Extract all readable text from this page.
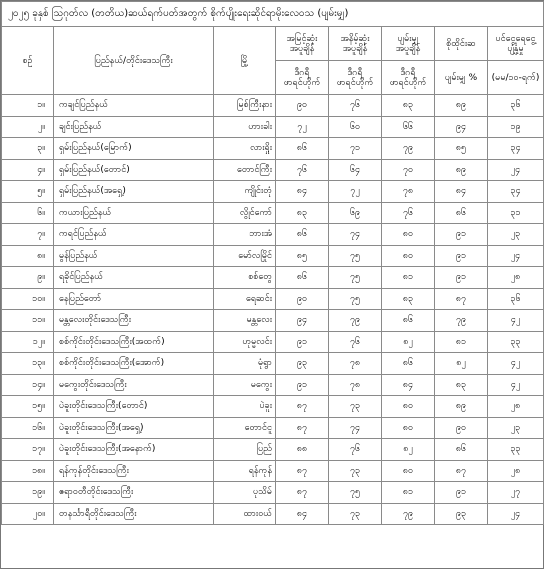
၂၀၂၅ ခုနှစ် ဩဂုတ်လ (တတိယ)ဆယ်ရက်ပတ်အတွက် စိုက်ပျိုးရေးဆိုင်ရာမိုးလေဝသ (ပျမ်းမျှ)							
စဉ်	ပြည်နယ်/တိုင်းဒေသကြီး	မြို့	အမြင့်ဆုံး အပူချိန်	အနိမ့်ဆုံး အပူချိန်	ပျမ်းမျှ အပူချိန်	စိုထိုင်းဆ	ပင်ငွေ့ရေငွေ့ ပျံ့နှံ့မှု
			ဒီဂရီဖာရင်ဟိုက်	ဒီဂရီဖာရင်ဟိုက်	ဒီဂရီဖာရင်ဟိုက်	ပျမ်းမျှ %	(မမ/၁၀-ရက်)
၁။	ကချင်ပြည်နယ်	မြစ်ကြီးနား	၉၀	၇၆	၈၃	၈၉	၃၆
၂။	ချင်းပြည်နယ်	ဟားခါး	၇၂	၆၀	၆၆	၉၄	၁၉
၃။	ရှမ်းပြည်နယ်(မြောက်)	လားရှိုး	၈၆	၇၁	၇၉	၈၅	၃၄
၄။	ရှမ်းပြည်နယ်(တောင်)	တောင်ကြီး	၇၆	၆၄	၇၀	၈၉	၂၄
၅။	ရှမ်းပြည်နယ်(အရှေ့)	ကျိုင်းတုံ	၈၄	၇၂	၇၈	၈၄	၃၄
၆။	ကယားပြည်နယ်	လွိုင်ကော်	၈၃	၆၉	၇၆	၈၆	၃၁
၇။	ကရင်ပြည်နယ်	ဘားအံ	၈၆	၇၄	၈၀	၉၁	၂၃
၈။	မွန်ပြည်နယ်	မော်လမြိုင်	၈၅	၇၅	၈၀	၉၁	၂၄
၉။	ရခိုင်ပြည်နယ်	စစ်တွေ	၈၆	၇၅	၈၁	၉၁	၂၈
၁၀။	နေပြည်တော်	ရေဆင်း	၉၀	၇၅	၈၃	၈၇	၃၆
၁၁။	မန္တလေးတိုင်းဒေသကြီး	မန္တလေး	၉၄	၇၉	၈၆	၇၉	၄၂
၁၂။	စစ်ကိုင်းတိုင်းဒေသကြီး(အထက်)	ဟုမ္မလင်း	၉၁	၇၆	၈၂	၈၁	၃၃
၁၃။	စစ်ကိုင်းတိုင်းဒေသကြီး(အောက်)	မုံရွာ	၉၃	၇၈	၈၆	၈၂	၄၂
၁၄။	မကွေးတိုင်းဒေသကြီး	မကွေး	၉၁	၇၈	၈၄	၈၃	၄၂
၁၅။	ပဲခူးတိုင်းဒေသကြီး(တောင်)	ပဲခူး	၈၇	၇၃	၈၀	၈၉	၂၈
၁၆။	ပဲခူးတိုင်းဒေသကြီး(အရှေ့)	တောင်ငူ	၈၇	၇၄	၈၀	၉၀	၂၃
၁၇။	ပဲခူးတိုင်းဒေသကြီး(အနောက်)	ပြည်	၈၈	၇၆	၈၂	၈၆	၃၃
၁၈။	ရန်ကုန်တိုင်းဒေသကြီး	ရန်ကုန်	၈၇	၇၃	၈၀	၈၇	၂၈
၁၉။	ဧရာဝတီတိုင်းဒေသကြီး	ပုသိမ်	၈၇	၇၅	၈၁	၉၁	၂၇
၂၀။	တနင်္သာရီတိုင်းဒေသကြီး	ထားဝယ်	၈၄	၇၃	၇၉	၉၃	၂၄
